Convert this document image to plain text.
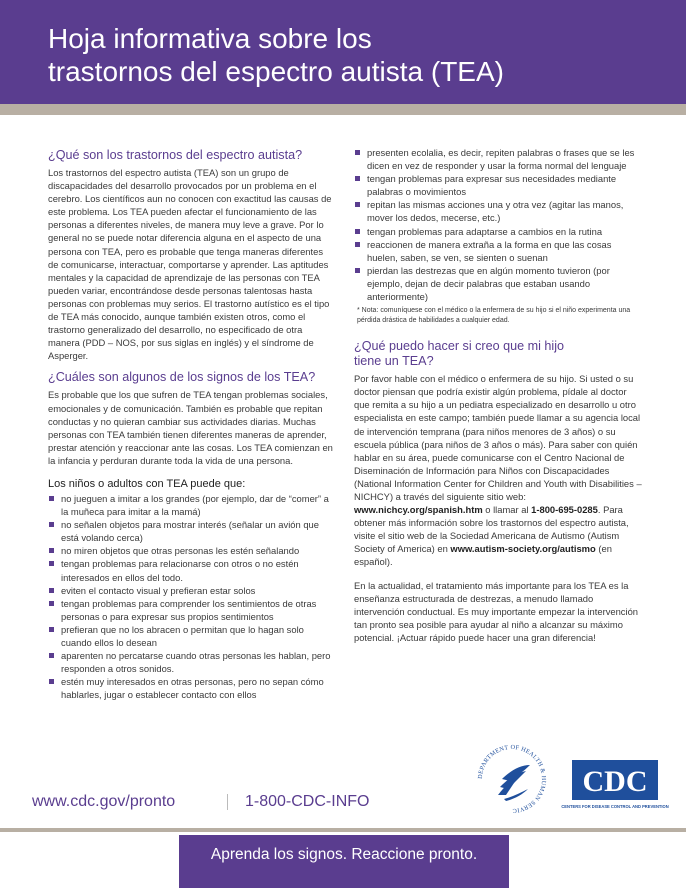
Hoja informativa sobre los
trastornos del espectro autista (TEA)
¿Qué son los trastornos del espectro autista?

Los trastornos del espectro autista (TEA) son un grupo de discapacidades del desarrollo provocados por un problema en el cerebro. Los científicos aun no conocen con exactitud las causas de este problema. Los TEA pueden afectar el funcionamiento de las personas a diferentes niveles, de manera muy leve a grave. Por lo general no se puede notar diferencia alguna en el aspecto de una persona con TEA, pero es probable que tenga maneras diferentes de comunicarse, interactuar, comportarse y aprender. Las aptitudes mentales y la capacidad de aprendizaje de las personas con TEA pueden variar, encontrándose desde personas talentosas hasta personas con problemas muy serios. El trastorno autístico es el tipo de TEA más conocido, aunque también existen otros, como el trastorno generalizado del desarrollo, no especificado de otra manera (PDD – NOS, por sus siglas en inglés) y el síndrome de Asperger.

¿Cuáles son algunos de los signos de los TEA?

Es probable que los que sufren de TEA tengan problemas sociales, emocionales y de comunicación. También es probable que repitan conductas y no quieran cambiar sus actividades diarias. Muchas personas con TEA también tienen diferentes maneras de aprender, prestar atención y reaccionar ante las cosas. Los TEA comienzan en la infancia y perduran durante toda la vida de una persona.

Los niños o adultos con TEA puede que:
no jueguen a imitar a los grandes (por ejemplo, dar de “comer” a la muñeca para imitar a la mamá)
no señalen objetos para mostrar interés (señalar un avión que está volando cerca)
no miren objetos que otras personas les estén señalando
tengan problemas para relacionarse con otros o no estén interesados en ellos del todo.
eviten el contacto visual y prefieran estar solos
tengan problemas para comprender los sentimientos de otras personas o para expresar sus propios sentimientos
prefieran que no los abracen o permitan que lo hagan solo cuando ellos lo desean
aparenten no percatarse cuando otras personas les hablan, pero responden a otros sonidos.
estén muy interesados en otras personas, pero no sepan cómo hablarles, jugar o establecer contacto con ellos
presenten ecolalia, es decir, repiten palabras o frases que se les dicen en vez de responder y usar la forma normal del lenguaje
tengan problemas para expresar sus necesidades mediante palabras o movimientos
repitan las mismas acciones una y otra vez (agitar las manos, mover los dedos, mecerse, etc.)
tengan problemas para adaptarse a cambios en la rutina
reaccionen de manera extraña a la forma en que las cosas huelen, saben, se ven, se sienten o suenan
pierdan las destrezas que en algún momento tuvieron (por ejemplo, dejan de decir palabras que estaban usando anteriormente)

* Nota: comuníquese con el médico o la enfermera de su hijo si el niño experimenta una pérdida drástica de habilidades a cualquier edad.

¿Qué puedo hacer si creo que mi hijo
tiene un TEA?

Por favor hable con el médico o enfermera de su hijo. Si usted o su doctor piensan que podría existir algún problema, pídale al doctor que remita a su hijo a un pediatra especializado en desarrollo u otro especialista en este campo; también puede llamar a su agencia local de intervención temprana (para niños menores de 3 años) o su escuela pública (para niños de 3 años o más). Para saber con quién hablar en su área, puede comunicarse con el Centro Nacional de Diseminación de Información para Niños con Discapacidades (National Information Center for Children and Youth with Disabilities – NICHCY) a través del siguiente sitio web: www.nichcy.org/spanish.htm o llamar al 1-800-695-0285. Para obtener más información sobre los trastornos del espectro autista, visite el sitio web de la Sociedad Americana de Autismo (Autism Society of America) en www.autism-society.org/autismo (en español).

En la actualidad, el tratamiento más importante para los TEA es la enseñanza estructurada de destrezas, a menudo llamado intervención conductual. Es muy importante empezar la intervención tan pronto sea posible para ayudar al niño a alcanzar su máximo potencial. ¡Actuar rápido puede hacer una gran diferencia!

DEPARTMENT OF HEALTH & HUMAN SERVIC
CDC
CENTERS FOR DISEASE CONTROL AND PREVENTION
www.cdc.gov/pronto	1-800-CDC-INFO
Aprenda los signos. Reaccione pronto.
